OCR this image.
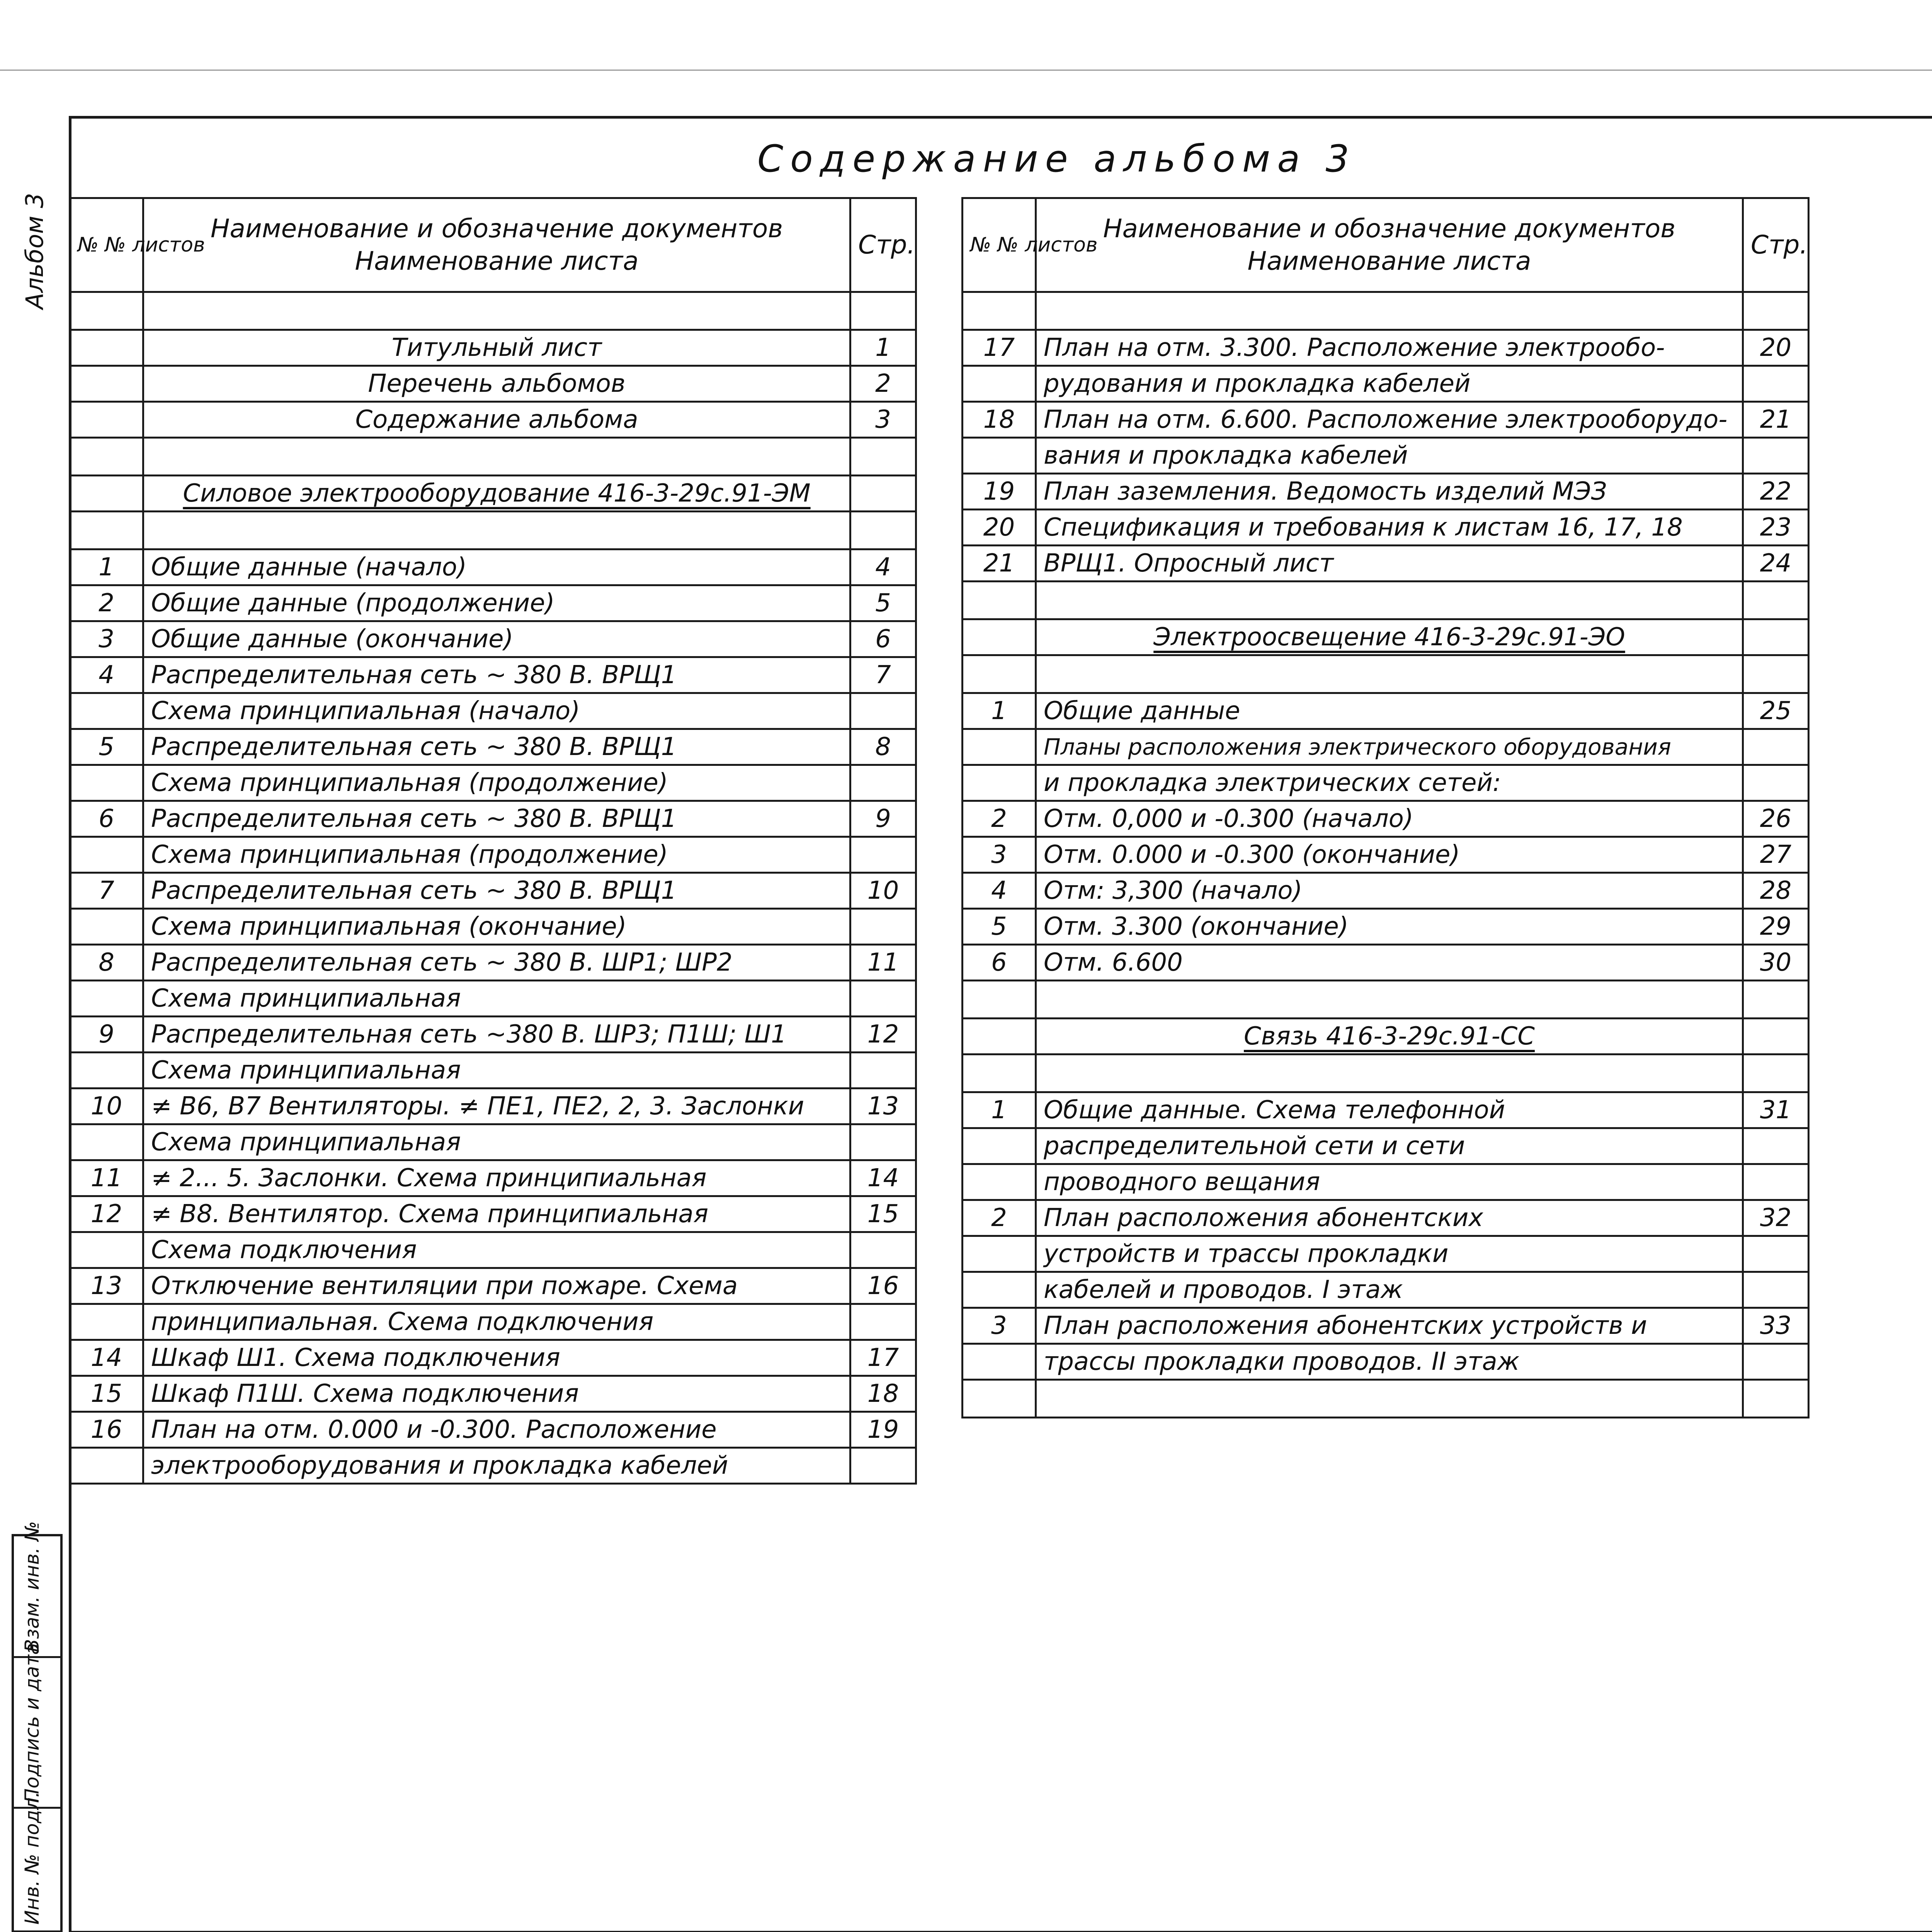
Содержание альбома 3
Альбом 3 № № листов	Наименование и обозначение документов
Наименование листа	Стр.

	Титульный лист	1
	Перечень альбомов	2
	Содержание альбома	3

	Силовое электрооборудование 416-3-29с.91-ЭМ	

1	Общие данные (начало)	4
2	Общие данные (продолжение)	5
3	Общие данные (окончание)	6
4	Распределительная сеть ~ 380 В. ВРЩ1	7
	Схема принципиальная (начало)	
5	Распределительная сеть ~ 380 В. ВРЩ1	8
	Схема принципиальная (продолжение)	
6	Распределительная сеть ~ 380 В. ВРЩ1	9
	Схема принципиальная (продолжение)	
7	Распределительная сеть ~ 380 В. ВРЩ1	10
	Схема принципиальная (окончание)	
8	Распределительная сеть ~ 380 В. ШР1; ШР2	11
	Схема принципиальная	
9	Распределительная сеть ~380 В. ШР3; П1Ш; Ш1	12
	Схема принципиальная	
10	≠ В6, В7 Вентиляторы. ≠ ПЕ1, ПЕ2, 2, 3. Заслонки	13
	Схема принципиальная	
11	≠ 2... 5. Заслонки. Схема принципиальная	14
12	≠ В8. Вентилятор. Схема принципиальная	15
	Схема подключения	
13	Отключение вентиляции при пожаре. Схема	16
	принципиальная. Схема подключения	
14	Шкаф Ш1. Схема подключения	17
15	Шкаф П1Ш. Схема подключения	18
16	План на отм. 0.000 и -0.300. Расположение	19
	электрооборудования и прокладка кабелей	
№ № листов	Наименование и обозначение документов
Наименование листа	Стр.

17	План на отм. 3.300. Расположение электрообо-	20
	рудования и прокладка кабелей	
18	План на отм. 6.600. Расположение электрооборудо-	21
	вания и прокладка кабелей	
19	План заземления. Ведомость изделий МЭЗ	22
20	Спецификация и требования к листам 16, 17, 18	23
21	ВРЩ1. Опросный лист	24

	Электроосвещение 416-3-29с.91-ЭО	

1	Общие данные	25
	Планы расположения электрического оборудования	
	и прокладка электрических сетей:	
2	Отм. 0,000 и -0.300 (начало)	26
3	Отм. 0.000 и -0.300 (окончание)	27
4	Отм: 3,300 (начало)	28
5	Отм. 3.300 (окончание)	29
6	Отм. 6.600	30

	Связь 416-3-29с.91-СС	

1	Общие данные. Схема телефонной	31
	распределительной сети и сети	
	проводного вещания	
2	План расположения абонентских	32
	устройств и трассы прокладки	
	кабелей и проводов. I этаж	
3	План расположения абонентских устройств и	33
	трассы прокладки проводов. II этаж	

Взам. инв. №
Подпись и дата
Инв. № подл.
